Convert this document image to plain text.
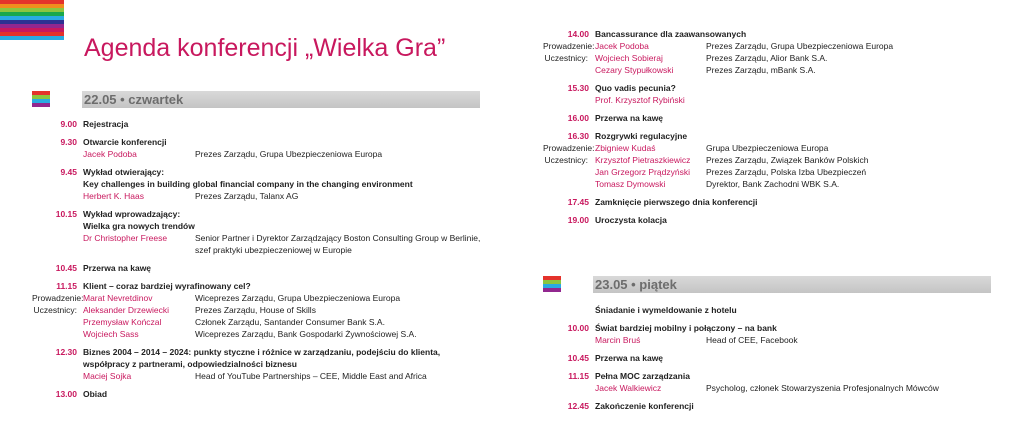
Agenda konferencji „Wielka Gra”
22.05 • czwartek
9.00 Rejestracja
9.30 Otwarcie konferencji
Jacek Podoba	Prezes Zarządu, Grupa Ubezpieczeniowa Europa
9.45 Wykład otwierający:
Key challenges in building global financial company in the changing environment
Herbert K. Haas	Prezes Zarządu, Talanx AG
10.15 Wykład wprowadzający:
Wielka gra nowych trendów
Dr Christopher Freese	Senior Partner i Dyrektor Zarządzający Boston Consulting Group w Berlinie,
szef praktyki ubezpieczeniowej w Europie
10.45 Przerwa na kawę
11.15 Klient – coraz bardziej wyrafinowany cel?
Prowadzenie: Marat Nevretdinov	Wiceprezes Zarządu, Grupa Ubezpieczeniowa Europa
Uczestnicy: Aleksander Drzewiecki	Prezes Zarządu, House of Skills
Przemysław Kończal	Członek Zarządu, Santander Consumer Bank S.A.
Wojciech Sass	Wiceprezes Zarządu, Bank Gospodarki Żywnościowej S.A.
12.30 Biznes 2004 – 2014 – 2024: punkty styczne i różnice w zarządzaniu, podejściu do klienta,
współpracy z partnerami, odpowiedzialności biznesu
Maciej Sojka	Head of YouTube Partnerships – CEE, Middle East and Africa
13.00 Obiad
14.00 Bancassurance dla zaawansowanych
Prowadzenie: Jacek Podoba	Prezes Zarządu, Grupa Ubezpieczeniowa Europa
Uczestnicy: Wojciech Sobieraj	Prezes Zarządu, Alior Bank S.A.
Cezary Stypułkowski	Prezes Zarządu, mBank S.A.
15.30 Quo vadis pecunia?
Prof. Krzysztof Rybiński
16.00 Przerwa na kawę
16.30 Rozgrywki regulacyjne
Prowadzenie: Zbigniew Kudaś	Grupa Ubezpieczeniowa Europa
Uczestnicy: Krzysztof Pietraszkiewicz Prezes Zarządu, Związek Banków Polskich
Jan Grzegorz Prądzyński Prezes Zarządu, Polska Izba Ubezpieczeń
Tomasz Dymowski	Dyrektor, Bank Zachodni WBK S.A.
17.45 Zamknięcie pierwszego dnia konferencji
19.00 Uroczysta kolacja
23.05 • piątek
Śniadanie i wymeldowanie z hotelu
10.00 Świat bardziej mobilny i połączony – na bank
Marcin Bruś	Head of CEE, Facebook
10.45 Przerwa na kawę
11.15 Pełna MOC zarządzania
Jacek Walkiewicz	Psycholog, członek Stowarzyszenia Profesjonalnych Mówców
12.45 Zakończenie konferencji
